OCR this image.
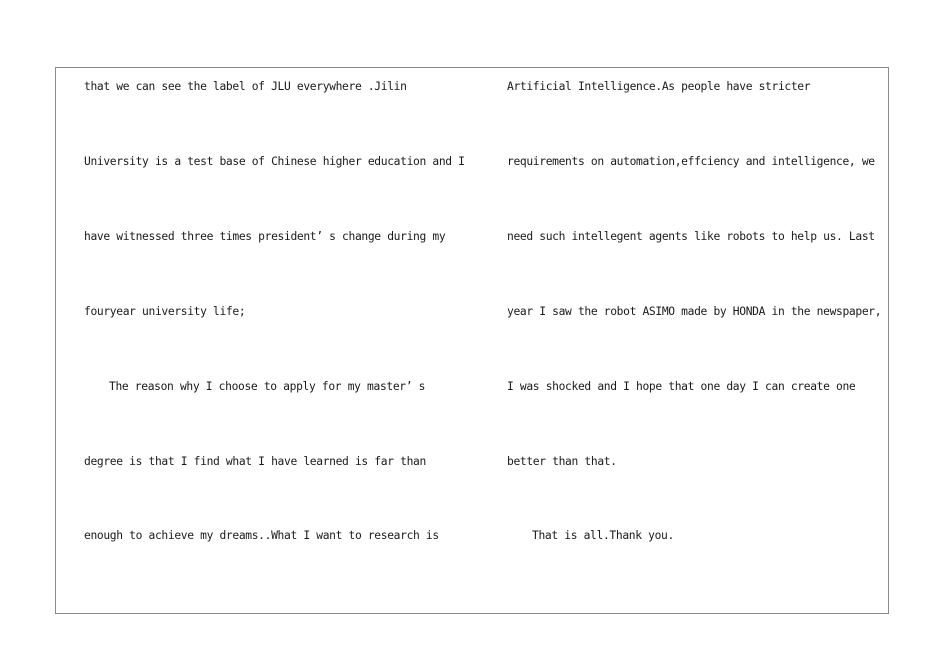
that we can see the label of JLU everywhere .Jilin
University is a test base of Chinese higher education and I
have witnessed three times president’ s change during my
fouryear university life;
The reason why I choose to apply for my master’ s
degree is that I find what I have learned is far than
enough to achieve my dreams..What I want to research is
Artificial Intelligence.As people have stricter
requirements on automation,effciency and intelligence, we
need such intellegent agents like robots to help us. Last
year I saw the robot ASIMO made by HONDA in the newspaper,
I was shocked and I hope that one day I can create one
better than that.
That is all.Thank you.
